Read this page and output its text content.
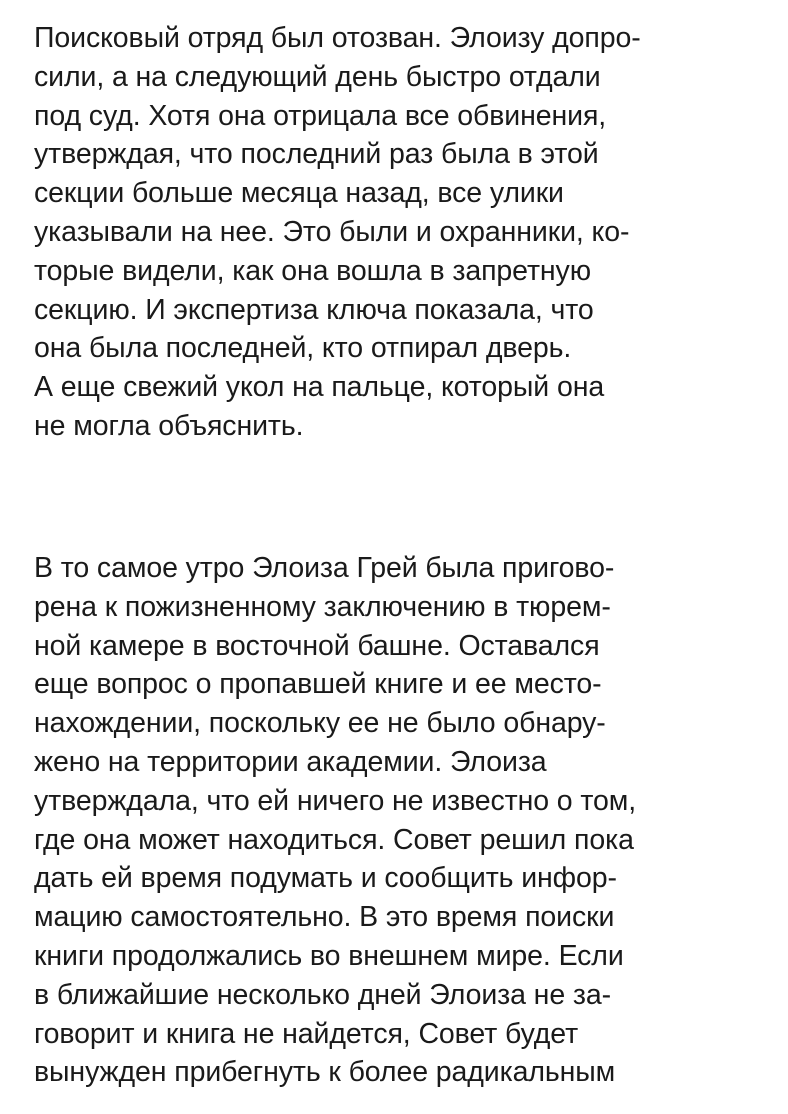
Поисковый отряд был отозван. Элоизу допро-
сили, а на следующий день быстро отдали
под суд. Хотя она отрицала все обвинения,
утверждая, что последний раз была в этой
секции больше месяца назад, все улики
указывали на нее. Это были и охранники, ко-
торые видели, как она вошла в запретную
секцию. И экспертиза ключа показала, что
она была последней, кто отпирал дверь.
А еще свежий укол на пальце, который она
не могла объяснить.

В то самое утро Элоиза Грей была пригово-
рена к пожизненному заключению в тюрем-
ной камере в восточной башне. Оставался
еще вопрос о пропавшей книге и ее место-
нахождении, поскольку ее не было обнару-
жено на территории академии. Элоиза
утверждала, что ей ничего не известно о том,
где она может находиться. Совет решил пока
дать ей время подумать и сообщить инфор-
мацию самостоятельно. В это время поиски
книги продолжались во внешнем мире. Если
в ближайшие несколько дней Элоиза не за-
говорит и книга не найдется, Совет будет
вынужден прибегнуть к более радикальным
